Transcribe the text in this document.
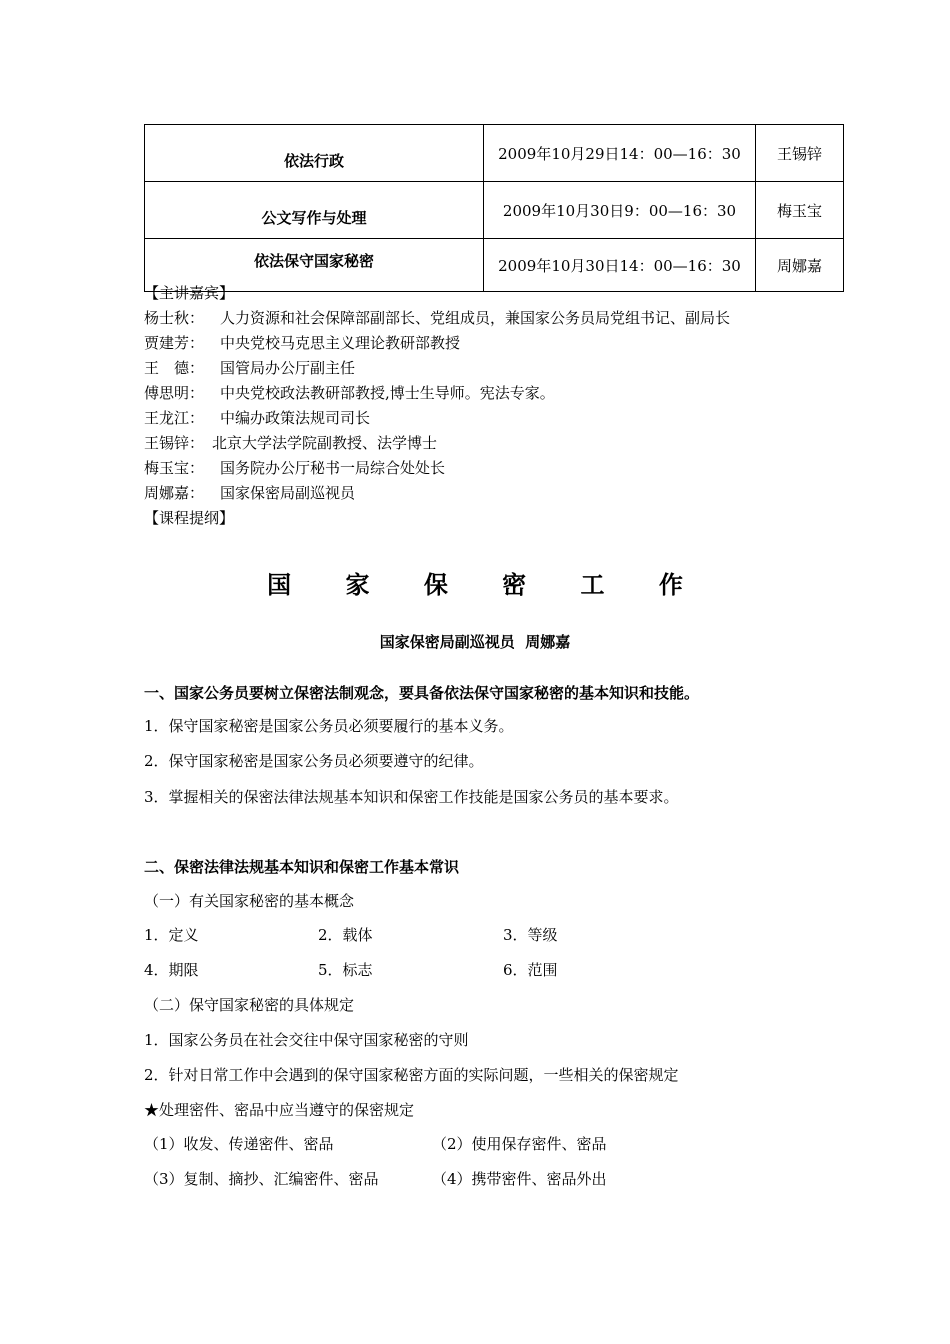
依法行政	2009年10月29日14：00—16：30	王锡锌
公文写作与处理	2009年10月30日9：00—16：30	梅玉宝
依法保守国家秘密	2009年10月30日14：00—16：30	周娜嘉
【主讲嘉宾】
杨士秋： 人力资源和社会保障部副部长、党组成员，兼国家公务员局党组书记、副局长
贾建芳： 中央党校马克思主义理论教研部教授
王　德： 国管局办公厅副主任
傅思明： 中央党校政法教研部教授,博士生导师。宪法专家。
王龙江： 中编办政策法规司司长
王锡锌： 北京大学法学院副教授、法学博士
梅玉宝： 国务院办公厅秘书一局综合处处长
周娜嘉： 国家保密局副巡视员
【课程提纲】
国 家 保 密 工 作
国家保密局副巡视员  周娜嘉
一、国家公务员要树立保密法制观念，要具备依法保守国家秘密的基本知识和技能。
1．保守国家秘密是国家公务员必须要履行的基本义务。
2．保守国家秘密是国家公务员必须要遵守的纪律。
3．掌握相关的保密法律法规基本知识和保密工作技能是国家公务员的基本要求。
二、保密法律法规基本知识和保密工作基本常识
（一）有关国家秘密的基本概念
1．定义	2．载体	3．等级
4．期限	5．标志	6．范围
（二）保守国家秘密的具体规定
1．国家公务员在社会交往中保守国家秘密的守则
2．针对日常工作中会遇到的保守国家秘密方面的实际问题，一些相关的保密规定
★处理密件、密品中应当遵守的保密规定
（1）收发、传递密件、密品	（2）使用保存密件、密品
（3）复制、摘抄、汇编密件、密品	（4）携带密件、密品外出
